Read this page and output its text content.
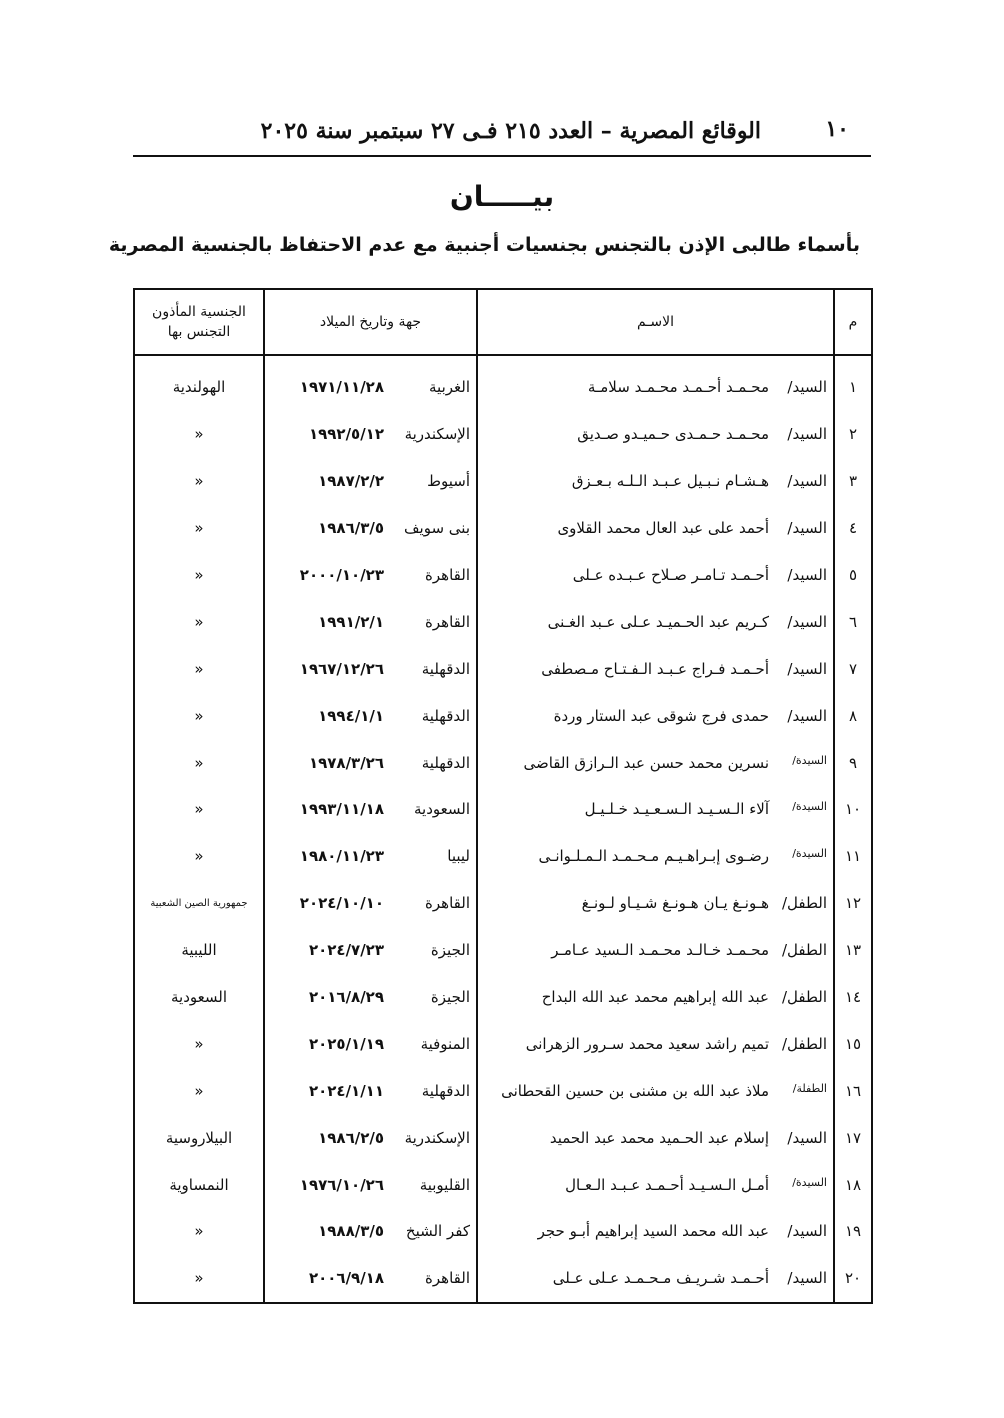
١٠
الوقائع المصرية – العدد ٢١٥ فـى ٢٧ سبتمبر سنة ٢٠٢٥
بيـــــان
بأسماء طالبى الإذن بالتجنس بجنسيات أجنبية مع عدم الاحتفاظ بالجنسية المصرية
م	الاسـم	جهة وتاريخ الميلاد	الجنسية المأذون التجنس بها
١	السيد/محـمـد أحـمـد محـمـد سلامـة	الغربية١٩٧١/١١/٢٨	الهولندية
٢	السيد/محـمـد حـمـدى حـميـدو صـديق	الإسكندرية١٩٩٢/٥/١٢	«
٣	السيد/هـشـام نـبـيل عـبـد الـلـه بـعـزق	أسيوط١٩٨٧/٢/٢	«
٤	السيد/أحمد على عبد العال محمد القلاوى	بنى سويف١٩٨٦/٣/٥	«
٥	السيد/أحـمـد تـامـر صـلاح عـبـده عـلى	القاهرة٢٠٠٠/١٠/٢٣	«
٦	السيد/كـريم عبد الحـميـد عـلى عـبد الغـنى	القاهرة١٩٩١/٢/١	«
٧	السيد/أحـمـد فـراج عـبـد الـفـتـاح مـصطفى	الدقهلية١٩٦٧/١٢/٢٦	«
٨	السيد/حمدى فرج شوقى عبد الستار وردة	الدقهلية١٩٩٤/١/١	«
٩	السيدة/نسرين محمد حسن عبد الـرازق القاضى	الدقهلية١٩٧٨/٣/٢٦	«
١٠	السيدة/آلاء الـسـيـد الـسـعـيـد خـلـيـل	السعودية١٩٩٣/١١/١٨	«
١١	السيدة/رضـوى إبـراهـيـم مـحـمـد الـمـلـوانـى	ليبيا١٩٨٠/١١/٢٣	«
١٢	الطفل/هـونـغ يـان هـونـغ شـيـاو لـونـغ	القاهرة٢٠٢٤/١٠/١٠	جمهورية الصين الشعبية
١٣	الطفل/محـمـد خـالـد محـمـد الـسيد عـامـر	الجيزة٢٠٢٤/٧/٢٣	الليبية
١٤	الطفل/عبد الله إبراهيم محمد عبد الله البداح	الجيزة٢٠١٦/٨/٢٩	السعودية
١٥	الطفل/تميم راشد سعيد محمد سـرور الزهرانى	المنوفية٢٠٢٥/١/١٩	«
١٦	الطفلة/ملاذ عبد الله بن مشنى بن حسين القحطانى	الدقهلية٢٠٢٤/١/١١	«
١٧	السيد/إسلام عبد الحـميد محمد عبد الحميد	الإسكندرية١٩٨٦/٢/٥	البيلاروسية
١٨	السيدة/أمـل الـسـيـد أحـمـد عـبـد الـعـال	القليوبية١٩٧٦/١٠/٢٦	النمساوية
١٩	السيد/عبد الله محمد السيد إبراهيم أبـو حجر	كفر الشيخ١٩٨٨/٣/٥	«
٢٠	السيد/أحـمـد شـريـف مـحـمـد عـلى عـلى	القاهرة٢٠٠٦/٩/١٨	«
